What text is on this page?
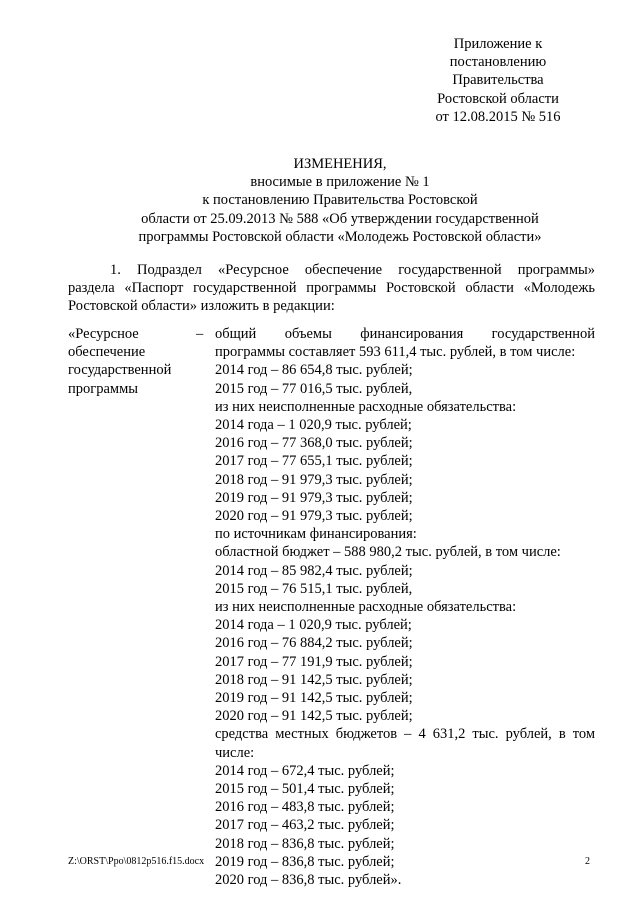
Приложение к
постановлению
Правительства
Ростовской области
от 12.08.2015 № 516
ИЗМЕНЕНИЯ,
вносимые в приложение № 1
к постановлению Правительства Ростовской
области от 25.09.2013 № 588 «Об утверждении государственной
программы Ростовской области «Молодежь Ростовской области»
1. Подраздел «Ресурсное обеспечение государственной программы»
раздела «Паспорт государственной программы Ростовской области «Молодежь
Ростовской области» изложить в редакции:
«Ресурсное
обеспечение
государственной
программы
– общий объемы финансирования государственной
программы составляет 593 611,4 тыс. рублей, в том числе:
2014 год – 86 654,8 тыс. рублей;
2015 год – 77 016,5 тыс. рублей,
из них неисполненные расходные обязательства:
2014 года – 1 020,9 тыс. рублей;
2016 год – 77 368,0 тыс. рублей;
2017 год – 77 655,1 тыс. рублей;
2018 год – 91 979,3 тыс. рублей;
2019 год – 91 979,3 тыс. рублей;
2020 год – 91 979,3 тыс. рублей;
по источникам финансирования:
областной бюджет – 588 980,2 тыс. рублей, в том числе:
2014 год – 85 982,4 тыс. рублей;
2015 год – 76 515,1 тыс. рублей,
из них неисполненные расходные обязательства:
2014 года – 1 020,9 тыс. рублей;
2016 год – 76 884,2 тыс. рублей;
2017 год – 77 191,9 тыс. рублей;
2018 год – 91 142,5 тыс. рублей;
2019 год – 91 142,5 тыс. рублей;
2020 год – 91 142,5 тыс. рублей;
средства местных бюджетов – 4 631,2 тыс. рублей, в том
числе:
2014 год – 672,4 тыс. рублей;
2015 год – 501,4 тыс. рублей;
2016 год – 483,8 тыс. рублей;
2017 год – 463,2 тыс. рублей;
2018 год – 836,8 тыс. рублей;
2019 год – 836,8 тыс. рублей;
2020 год – 836,8 тыс. рублей».
Z:\ORST\Ppo\0812p516.f15.docx	2
